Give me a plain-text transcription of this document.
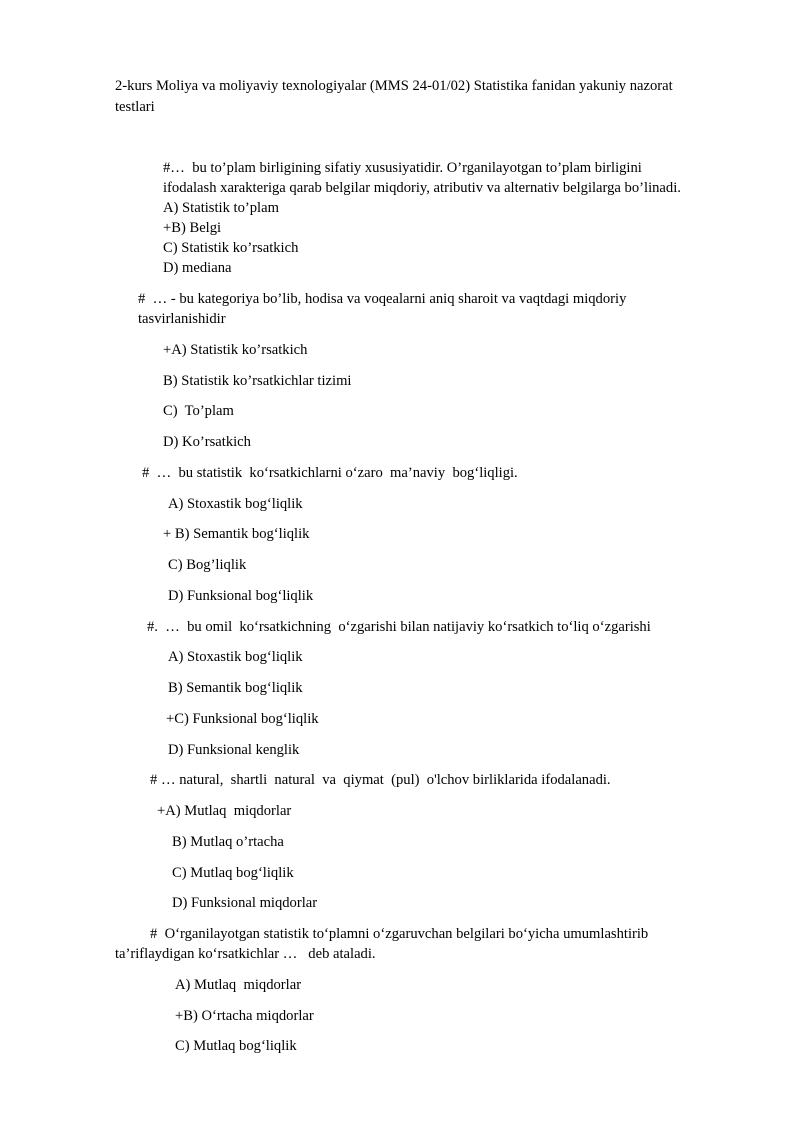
2-kurs Moliya va moliyaviy texnologiyalar (MMS 24-01/02) Statistika fanidan yakuniy nazorat
testlari
#…  bu to’plam birligining sifatiy xususiyatidir. O’rganilayotgan to’plam birligini
ifodalash xarakteriga qarab belgilar miqdoriy, atributiv va alternativ belgilarga bo’linadi.
A) Statistik to’plam
+B) Belgi
C) Statistik ko’rsatkich
D) mediana
#  … - bu kategoriya bo’lib, hodisa va voqealarni aniq sharoit va vaqtdagi miqdoriy
tasvirlanishidir
+A) Statistik ko’rsatkich
B) Statistik ko’rsatkichlar tizimi
C)  To’plam
D) Ko’rsatkich
#  …  bu statistik  ko‘rsatkichlarni o‘zaro  ma’naviy  bog‘liqligi.
A) Stoxastik bog‘liqlik
+ B) Semantik bog‘liqlik
C) Bog’liqlik
D) Funksional bog‘liqlik
#.  …  bu omil  ko‘rsatkichning  o‘zgarishi bilan natijaviy ko‘rsatkich to‘liq o‘zgarishi
A) Stoxastik bog‘liqlik
B) Semantik bog‘liqlik
+C) Funksional bog‘liqlik
D) Funksional kenglik
# … natural,  shartli  natural  va  qiymat  (pul)  o'lchov birliklarida ifodalanadi.
+A) Mutlaq  miqdorlar
B) Mutlaq o’rtacha
C) Mutlaq bog‘liqlik
D) Funksional miqdorlar
#  O‘rganilayotgan statistik to‘plamni o‘zgaruvchan belgilari bo‘yicha umumlashtirib
ta’riflaydigan ko‘rsatkichlar …   deb ataladi.
A) Mutlaq  miqdorlar
+B) O‘rtacha miqdorlar
C) Mutlaq bog‘liqlik
